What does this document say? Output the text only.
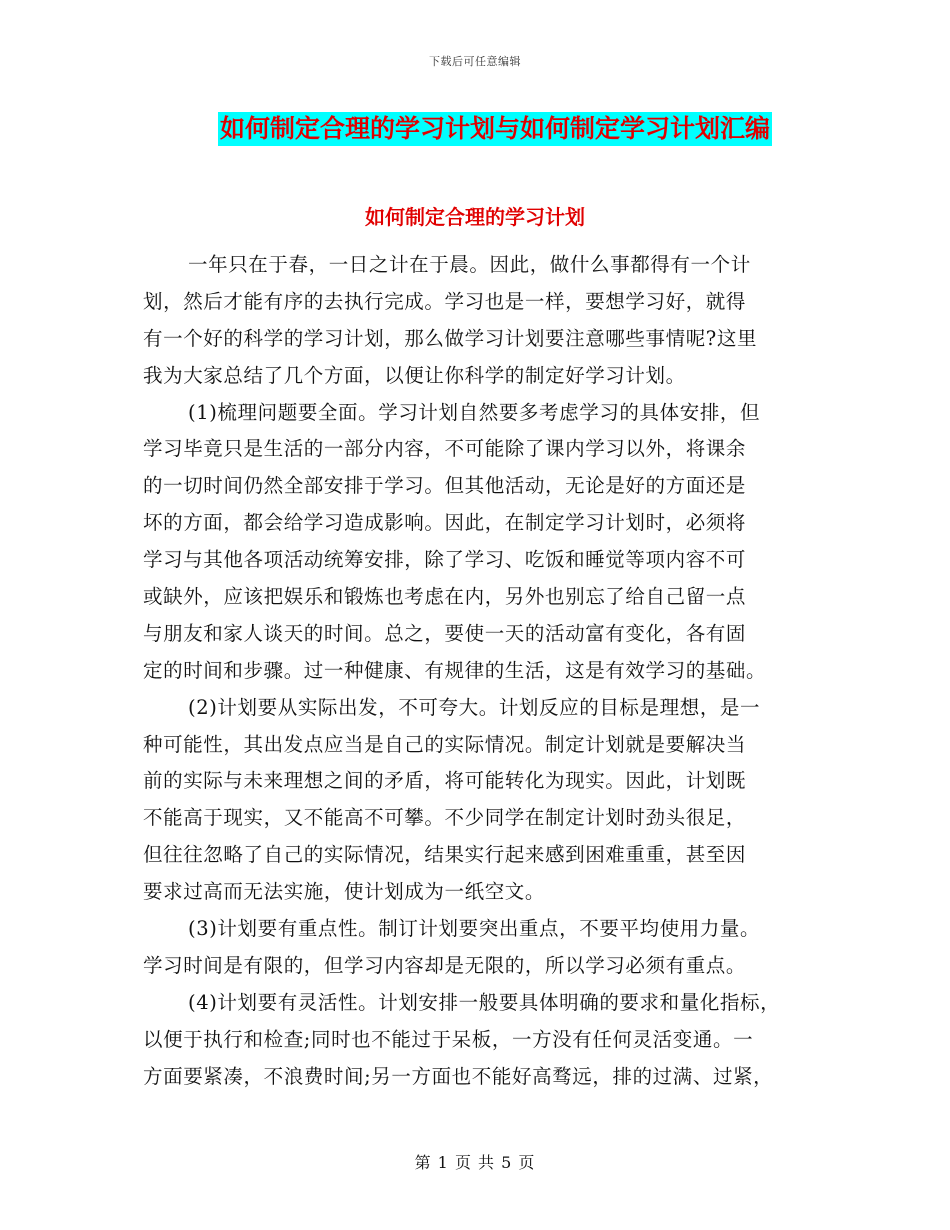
下载后可任意编辑
如何制定合理的学习计划与如何制定学习计划汇编
如何制定合理的学习计划
一年只在于春，一日之计在于晨。因此，做什么事都得有一个计
划，然后才能有序的去执行完成。学习也是一样，要想学习好，就得
有一个好的科学的学习计划，那么做学习计划要注意哪些事情呢?这里
我为大家总结了几个方面，以便让你科学的制定好学习计划。
(1)梳理问题要全面。学习计划自然要多考虑学习的具体安排，但
学习毕竟只是生活的一部分内容，不可能除了课内学习以外，将课余
的一切时间仍然全部安排于学习。但其他活动，无论是好的方面还是
坏的方面，都会给学习造成影响。因此，在制定学习计划时，必须将
学习与其他各项活动统筹安排，除了学习、吃饭和睡觉等项内容不可
或缺外，应该把娱乐和锻炼也考虑在内，另外也别忘了给自己留一点
与朋友和家人谈天的时间。总之，要使一天的活动富有变化，各有固
定的时间和步骤。过一种健康、有规律的生活，这是有效学习的基础。
(2)计划要从实际出发，不可夸大。计划反应的目标是理想，是一
种可能性，其出发点应当是自己的实际情况。制定计划就是要解决当
前的实际与未来理想之间的矛盾，将可能转化为现实。因此，计划既
不能高于现实，又不能高不可攀。不少同学在制定计划时劲头很足，
但往往忽略了自己的实际情况，结果实行起来感到困难重重，甚至因
要求过高而无法实施，使计划成为一纸空文。
(3)计划要有重点性。制订计划要突出重点，不要平均使用力量。
学习时间是有限的，但学习内容却是无限的，所以学习必须有重点。
(4)计划要有灵活性。计划安排一般要具体明确的要求和量化指标，
以便于执行和检查;同时也不能过于呆板，一方没有任何灵活变通。一
方面要紧凑，不浪费时间;另一方面也不能好高骛远，排的过满、过紧，
第 1 页 共 5 页
